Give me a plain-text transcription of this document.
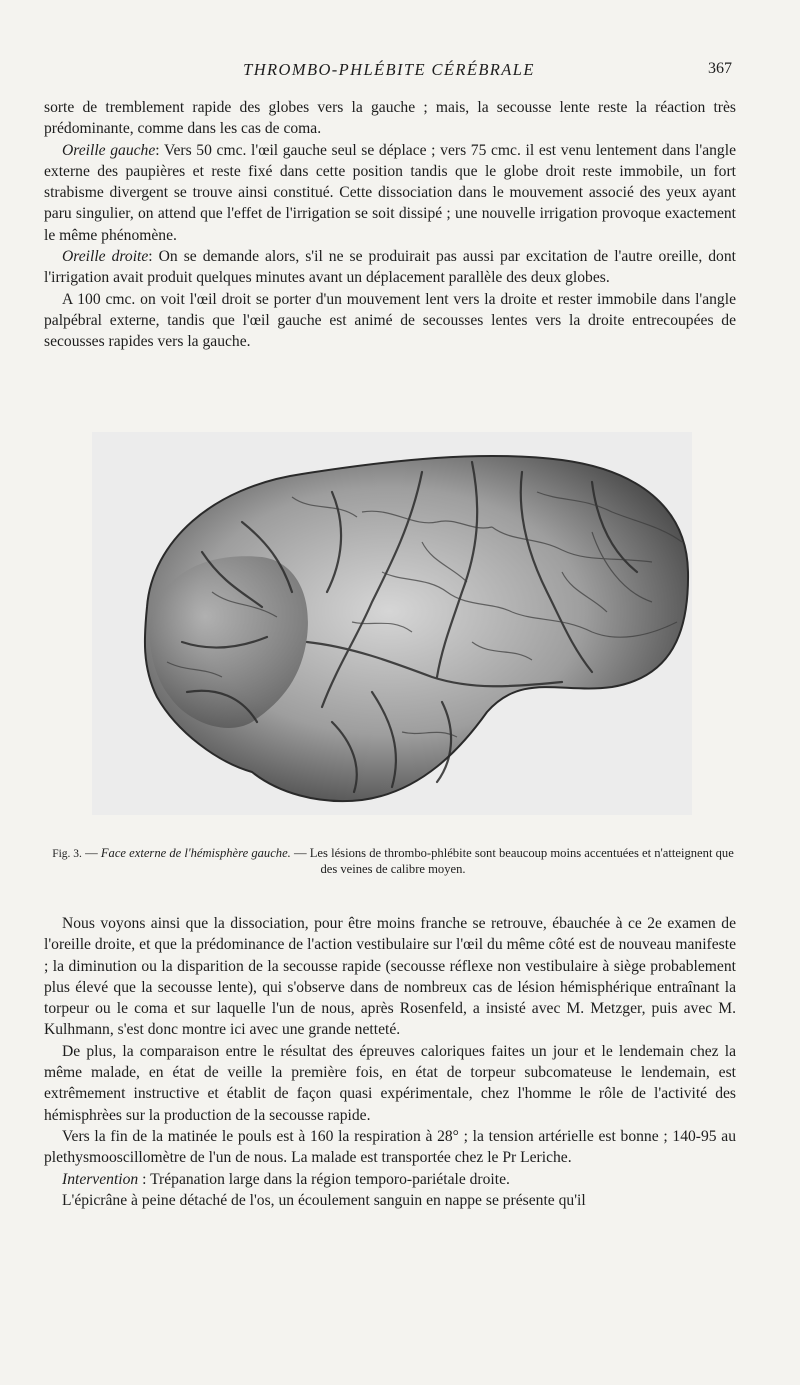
THROMBO-PHLÉBITE CÉRÉBRALE	367

sorte de tremblement rapide des globes vers la gauche ; mais, la secousse lente reste la réaction très prédominante, comme dans les cas de coma.

Oreille gauche: Vers 50 cmc. l'œil gauche seul se déplace ; vers 75 cmc. il est venu lentement dans l'angle externe des paupières et reste fixé dans cette position tandis que le globe droit reste immobile, un fort strabisme divergent se trouve ainsi constitué. Cette dissociation dans le mouvement associé des yeux ayant paru singulier, on attend que l'effet de l'irrigation se soit dissipé ; une nouvelle irrigation provoque exactement le même phénomène.

Oreille droite: On se demande alors, s'il ne se produirait pas aussi par excitation de l'autre oreille, dont l'irrigation avait produit quelques minutes avant un déplacement parallèle des deux globes.

A 100 cmc. on voit l'œil droit se porter d'un mouvement lent vers la droite et rester immobile dans l'angle palpébral externe, tandis que l'œil gauche est animé de secousses lentes vers la droite entrecoupées de secousses rapides vers la gauche.

Fig. 3. — Face externe de l'hémisphère gauche. — Les lésions de thrombo-phlébite sont beaucoup moins accentuées et n'atteignent que des veines de calibre moyen.

Nous voyons ainsi que la dissociation, pour être moins franche se retrouve, ébauchée à ce 2e examen de l'oreille droite, et que la prédominance de l'action vestibulaire sur l'œil du même côté est de nouveau manifeste ; la diminution ou la disparition de la secousse rapide (secousse réflexe non vestibulaire à siège probablement plus élevé que la secousse lente), qui s'observe dans de nombreux cas de lésion hémisphérique entraînant la torpeur ou le coma et sur laquelle l'un de nous, après Rosenfeld, a insisté avec M. Metzger, puis avec M. Kulhmann, s'est donc montre ici avec une grande netteté.

De plus, la comparaison entre le résultat des épreuves caloriques faites un jour et le lendemain chez la même malade, en état de veille la première fois, en état de torpeur subcomateuse le lendemain, est extrêmement instructive et établit de façon quasi expérimentale, chez l'homme le rôle de l'activité des hémisphrèes sur la production de la secousse rapide.

Vers la fin de la matinée le pouls est à 160 la respiration à 28° ; la tension artérielle est bonne ; 140-95 au plethysmooscillomètre de l'un de nous. La malade est transportée chez le Pr Leriche.

Intervention : Trépanation large dans la région temporo-pariétale droite.

L'épicrâne à peine détaché de l'os, un écoulement sanguin en nappe se présente qu'il
